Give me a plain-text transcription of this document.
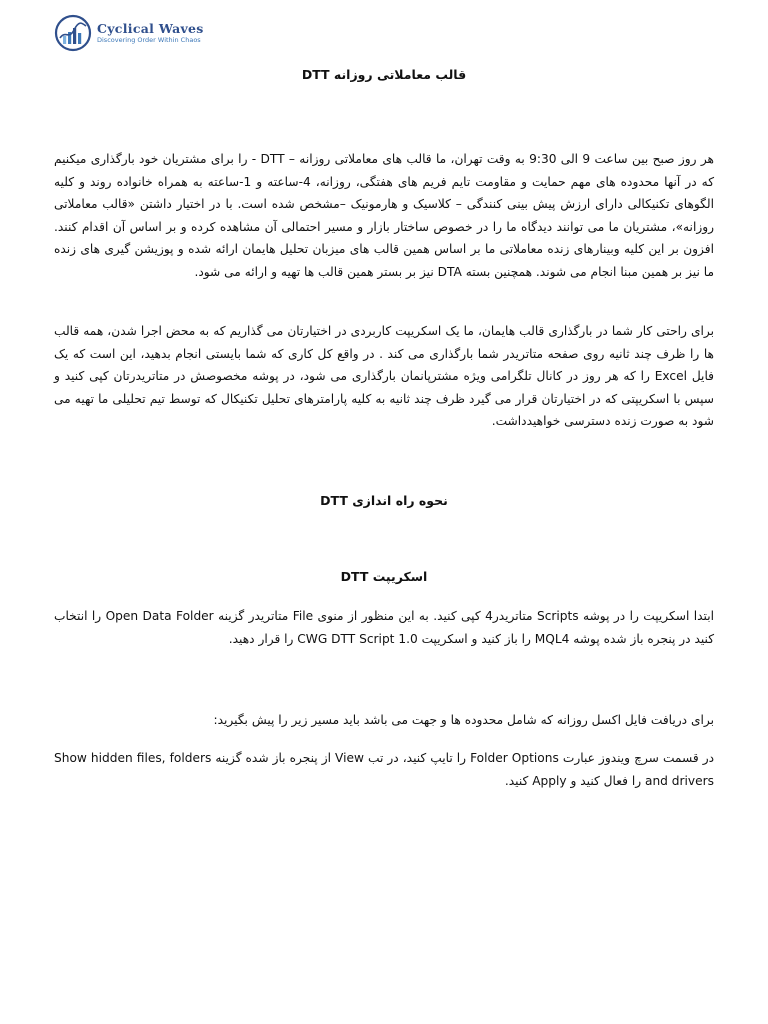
Cyclical Waves
Discovering Order Within Chaos
قالب معاملاتی روزانه DTT

هر روز صبح بین ساعت 9 الی 9:30 به وقت تهران، ما قالب های معاملاتی روزانه – DTT - را برای مشتریان خود بارگذاری میکنیم که در آنها محدوده های مهم حمایت و مقاومت تایم فریم های هفتگی، روزانه، 4-ساعته و 1-ساعته به همراه خانواده روند و کلیه الگوهای تکنیکالی دارای ارزش پیش بینی کنندگی – کلاسیک و هارمونیک –مشخص شده است. با در اختیار داشتن «قالب معاملاتی روزانه»، مشتریان ما می توانند دیدگاه ما را در خصوص ساختار بازار و مسیر احتمالی آن مشاهده کرده و بر اساس آن اقدام کنند. افزون بر این کلیه وبینارهای زنده معاملاتی ما بر اساس همین قالب های میزبان تحلیل هایمان ارائه شده و پوزیشن گیری های زنده ما نیز بر همین مبنا انجام می شوند. همچنین بسته DTA نیز بر بستر همین قالب ها تهیه و ارائه می شود.

برای راحتی کار شما در بارگذاری قالب هایمان، ما یک اسکریپت کاربردی در اختیارتان می گذاریم که به محض اجرا شدن، همه قالب ها را ظرف چند ثانیه روی صفحه متاتریدر شما بارگذاری می کند . در واقع کل کاری که شما بایستی انجام بدهید، این است که یک فایل Excel را که هر روز در کانال تلگرامی ویژه مشترپانمان بارگذاری می شود، در پوشه مخصوصش در متاتریدرتان کپی کنید و سپس با اسکریپتی که در اختیارتان قرار می گیرد ظرف چند ثانیه به کلیه پارامترهای تحلیل تکنیکال که توسط تیم تحلیلی ما تهیه می شود به صورت زنده دسترسی خواهیدداشت.

نحوه راه اندازی DTT
اسکریپت DTT

ابتدا اسکریپت را در پوشه Scripts متاتریدر4 کپی کنید. به این منظور از منوی File متاتریدر گزینه Open Data Folder را انتخاب کنید در پنجره باز شده پوشه MQL4 را باز کنید و اسکریپت CWG DTT Script 1.0 را قرار دهید.

برای دریافت فایل اکسل روزانه که شامل محدوده ها و جهت می باشد باید مسیر زیر را پیش بگیرید:

در قسمت سرچ ویندوز عبارت Folder Options را تایپ کنید، در تب View از پنجره باز شده گزینه Show hidden files, folders and drivers را فعال کنید و Apply کنید.
